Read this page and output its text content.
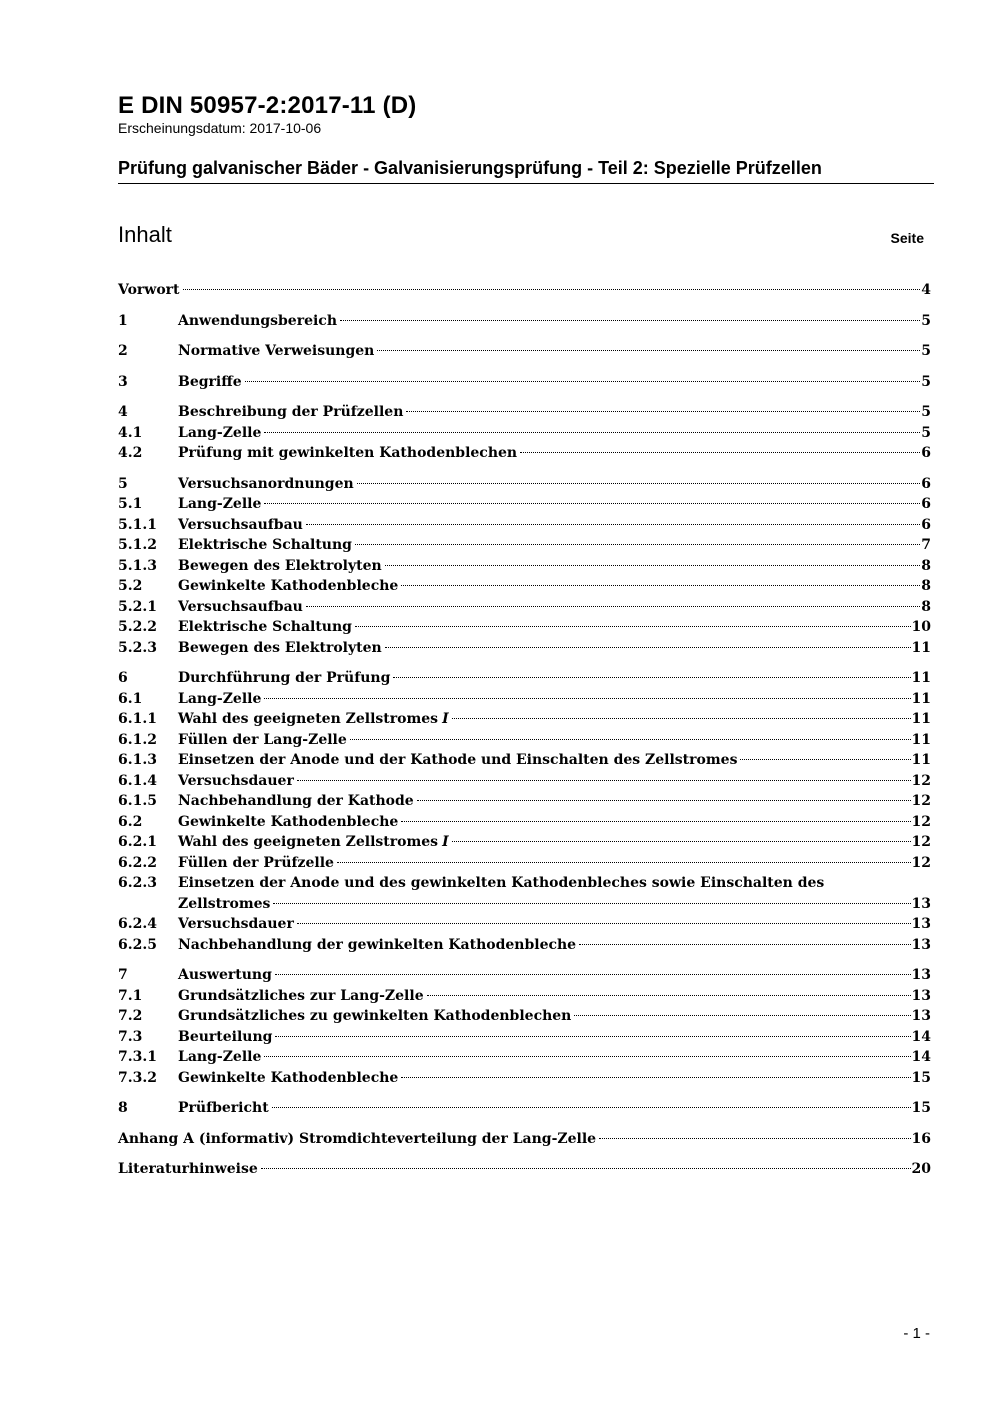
E DIN 50957-2:2017-11 (D)
Erscheinungsdatum: 2017-10-06
Prüfung galvanischer Bäder - Galvanisierungsprüfung - Teil 2: Spezielle Prüfzellen
Inhalt	Seite
Vorwort	4
1	Anwendungsbereich	5
2	Normative Verweisungen	5
3	Begriffe	5
4	Beschreibung der Prüfzellen	5
4.1	Lang-Zelle	5
4.2	Prüfung mit gewinkelten Kathodenblechen	6
5	Versuchsanordnungen	6
5.1	Lang-Zelle	6
5.1.1	Versuchsaufbau	6
5.1.2	Elektrische Schaltung	7
5.1.3	Bewegen des Elektrolyten	8
5.2	Gewinkelte Kathodenbleche	8
5.2.1	Versuchsaufbau	8
5.2.2	Elektrische Schaltung	10
5.2.3	Bewegen des Elektrolyten	11
6	Durchführung der Prüfung	11
6.1	Lang-Zelle	11
6.1.1	Wahl des geeigneten Zellstromes I	11
6.1.2	Füllen der Lang-Zelle	11
6.1.3	Einsetzen der Anode und der Kathode und Einschalten des Zellstromes	11
6.1.4	Versuchsdauer	12
6.1.5	Nachbehandlung der Kathode	12
6.2	Gewinkelte Kathodenbleche	12
6.2.1	Wahl des geeigneten Zellstromes I	12
6.2.2	Füllen der Prüfzelle	12
6.2.3	Einsetzen der Anode und des gewinkelten Kathodenbleches sowie Einschalten des
Zellstromes	13
6.2.4	Versuchsdauer	13
6.2.5	Nachbehandlung der gewinkelten Kathodenbleche	13
7	Auswertung	13
7.1	Grundsätzliches zur Lang-Zelle	13
7.2	Grundsätzliches zu gewinkelten Kathodenblechen	13
7.3	Beurteilung	14
7.3.1	Lang-Zelle	14
7.3.2	Gewinkelte Kathodenbleche	15
8	Prüfbericht	15
Anhang A (informativ) Stromdichteverteilung der Lang-Zelle	16
Literaturhinweise	20
- 1 -
